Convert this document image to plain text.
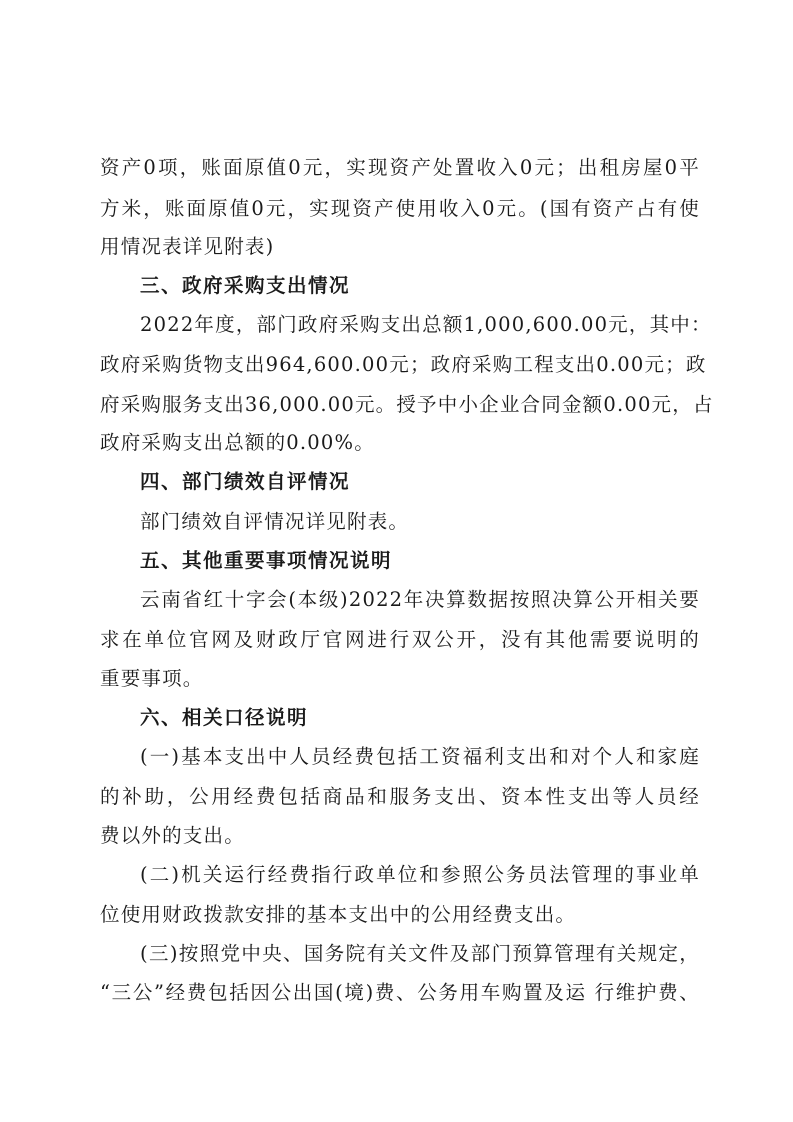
资产0项，账面原值0元，实现资产处置收入0元；出租房屋0平
方米，账面原值0元，实现资产使用收入0元。(国有资产占有使
用情况表详见附表)
三、政府采购支出情况
2022年度，部门政府采购支出总额1,000,600.00元，其中：
政府采购货物支出964,600.00元；政府采购工程支出0.00元；政
府采购服务支出36,000.00元。授予中小企业合同金额0.00元，占
政府采购支出总额的0.00%。
四、部门绩效自评情况
部门绩效自评情况详见附表。
五、其他重要事项情况说明
云南省红十字会(本级)2022年决算数据按照决算公开相关要
求在单位官网及财政厅官网进行双公开，没有其他需要说明的
重要事项。
六、相关口径说明
(一)基本支出中人员经费包括工资福利支出和对个人和家庭
的补助，公用经费包括商品和服务支出、资本性支出等人员经
费以外的支出。
(二)机关运行经费指行政单位和参照公务员法管理的事业单
位使用财政拨款安排的基本支出中的公用经费支出。
(三)按照党中央、国务院有关文件及部门预算管理有关规定，
“三公”经费包括因公出国(境)费、公务用车购置及运 行维护费、
